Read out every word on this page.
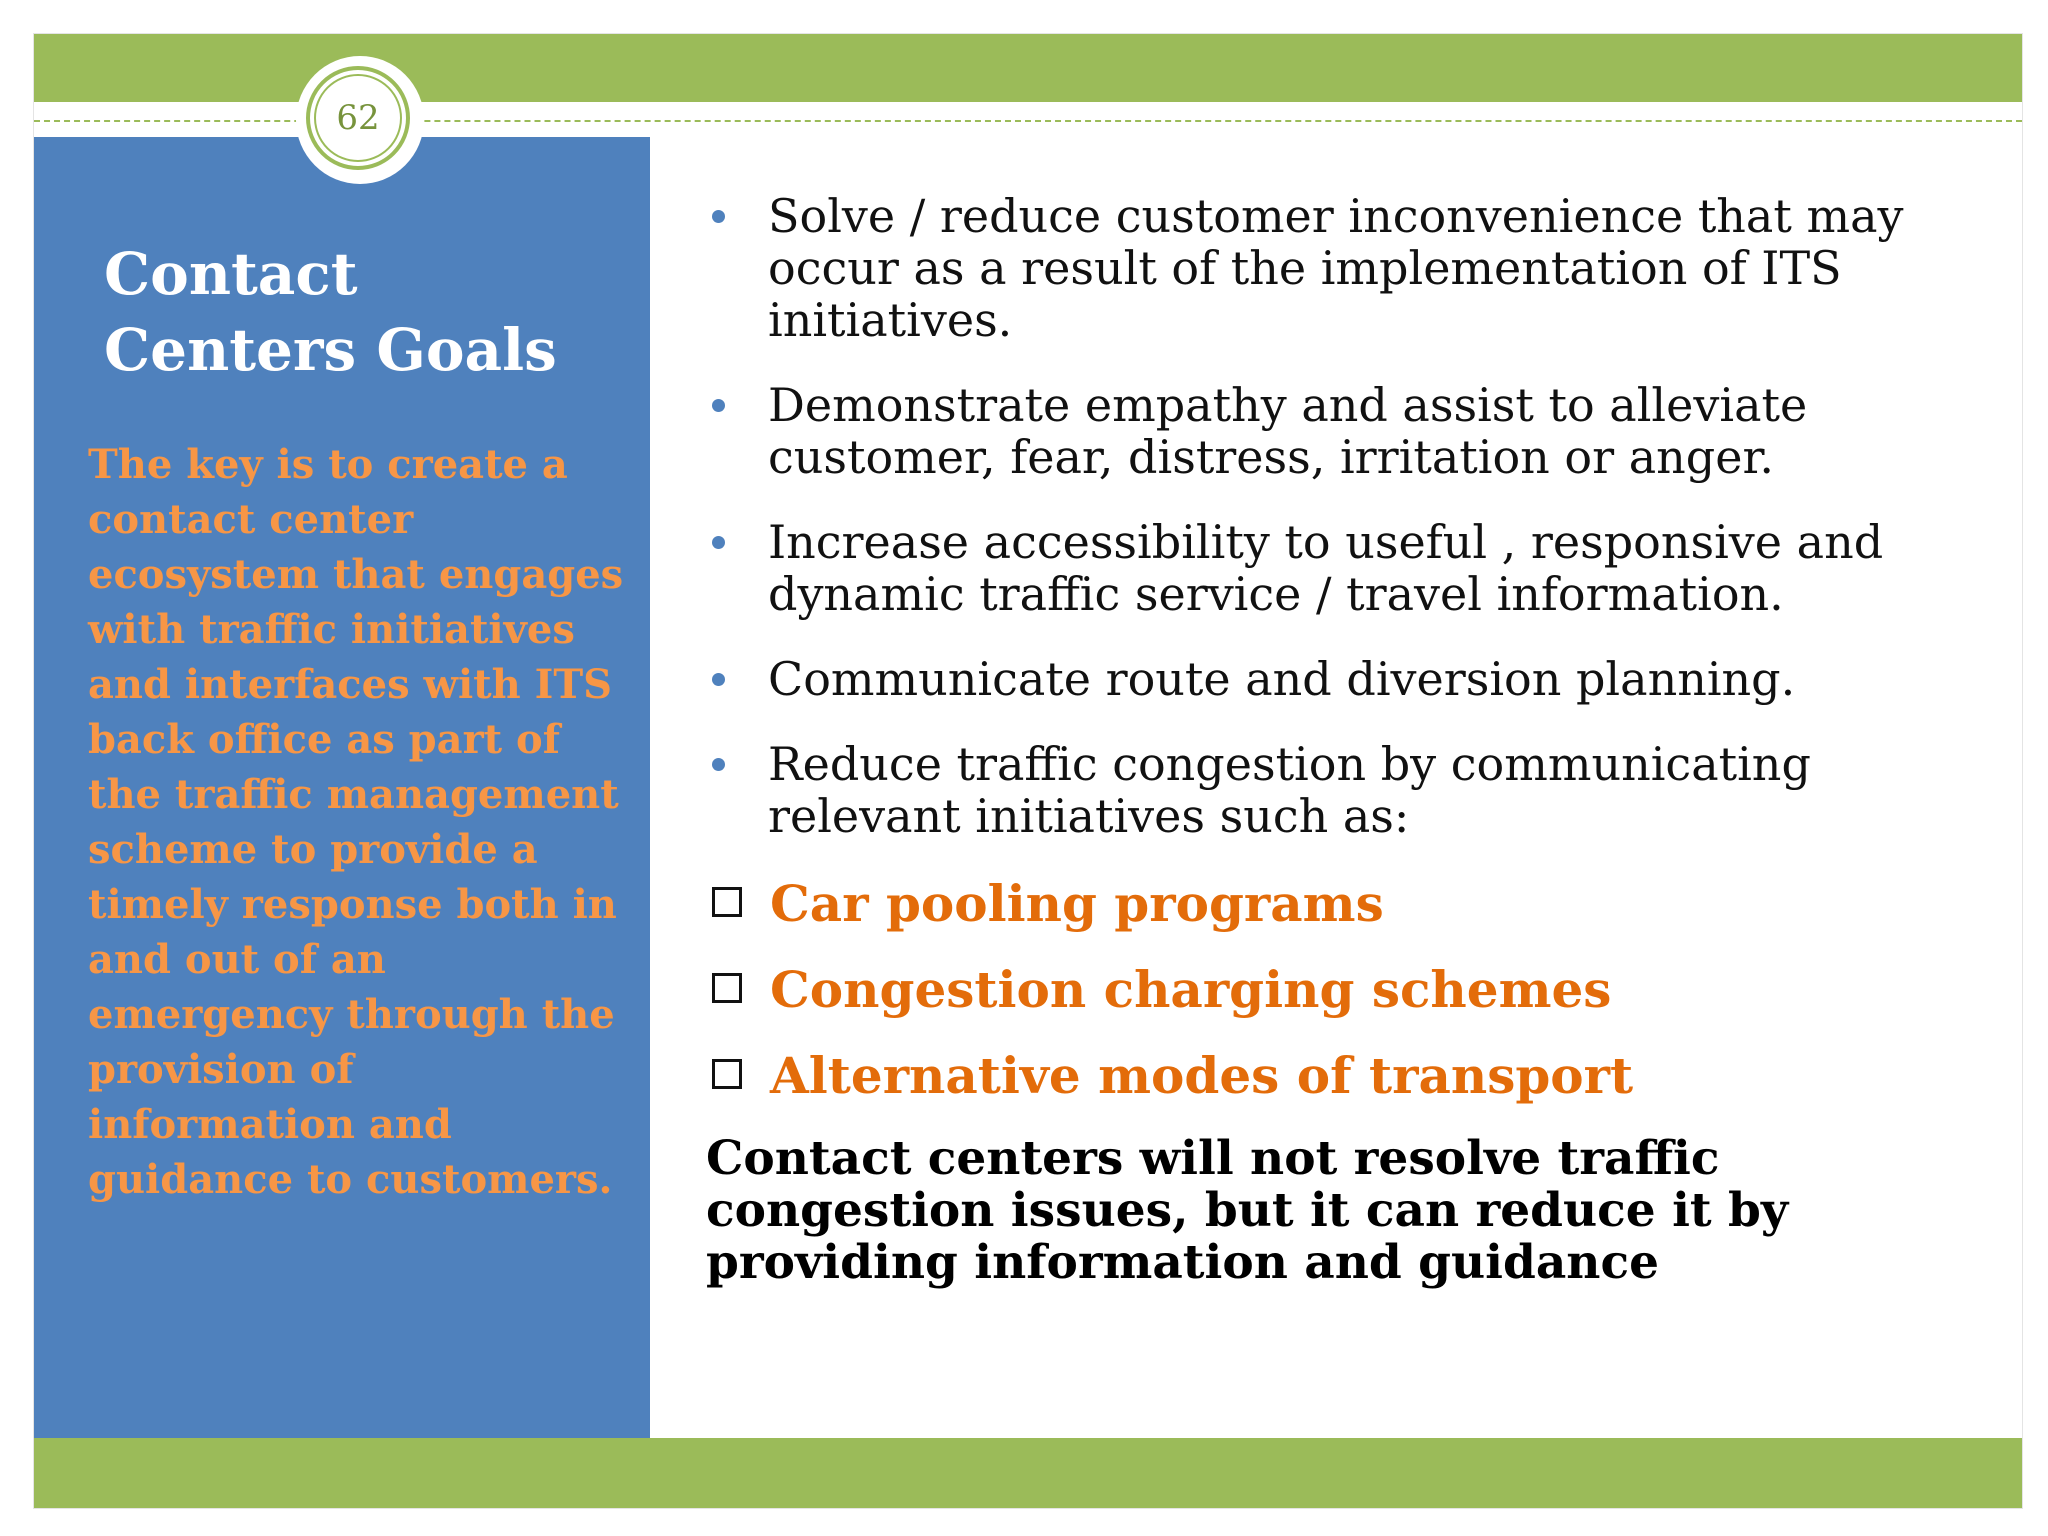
62
Contact Centers Goals
The key is to create a contact center ecosystem that engages with traffic initiatives and interfaces with ITS back office as part of the traffic management scheme to provide a timely response both in and out of an emergency through the provision of information and guidance to customers.
Solve / reduce customer inconvenience that may occur as a result of the implementation of ITS initiatives.
Demonstrate empathy and assist to alleviate customer, fear, distress, irritation or anger.
Increase accessibility to useful , responsive and dynamic traffic service / travel information.
Communicate route and diversion planning.
Reduce traffic congestion by communicating relevant initiatives such as:
Car pooling programs
Congestion charging schemes
Alternative modes of transport
Contact centers will not resolve traffic congestion issues, but it can reduce it by providing information and guidance
